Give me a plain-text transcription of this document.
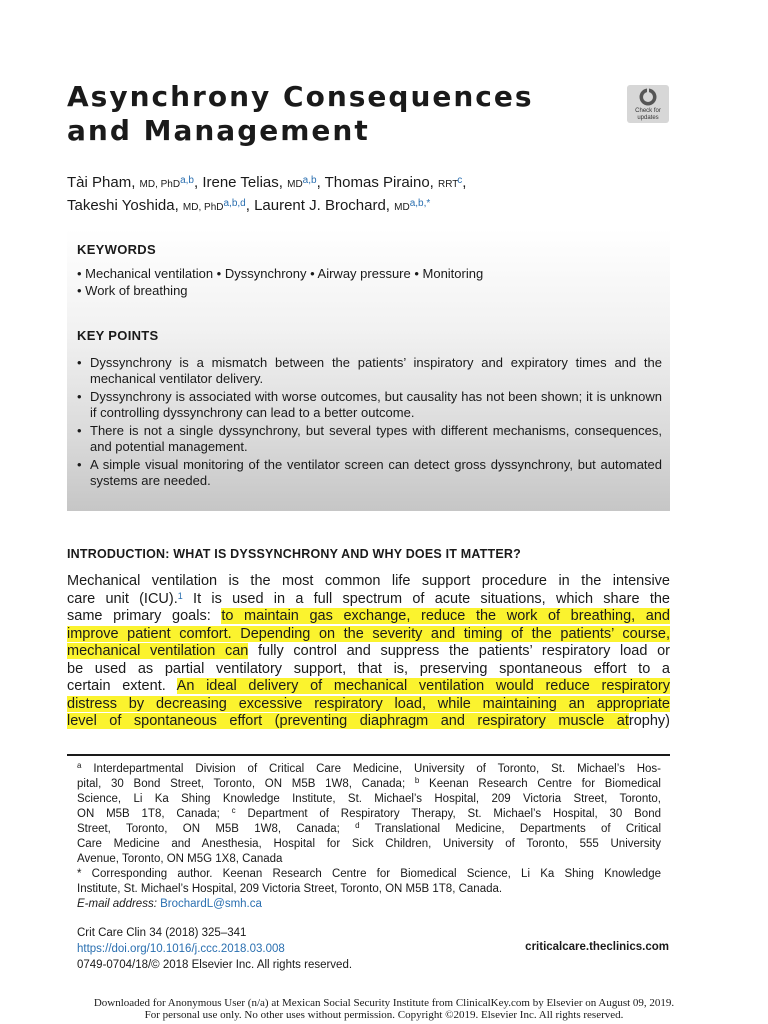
Asynchrony Consequences
and Management
Check for
updates
Tài Pham, MD, PhD$^{a,b}$, Irene Telias, MD$^{a,b}$, Thomas Piraino, RRT$^c$,
Takeshi Yoshida, MD, PhD$^{a,b,d}$, Laurent J. Brochard, $MD^{a,b,*}$
KEYWORDS
• Mechanical ventilation • Dyssynchrony • Airway pressure • Monitoring
• Work of breathing
KEY POINTS
• Dyssynchrony is a mismatch between the patients’ inspiratory and expiratory times and the mechanical ventilator delivery.
• Dyssynchrony is associated with worse outcomes, but causality has not been shown; it is unknown if controlling dyssynchrony can lead to a better outcome.
• There is not a single dyssynchrony, but several types with different mechanisms, consequences, and potential management.
• A simple visual monitoring of the ventilator screen can detect gross dyssynchrony, but automated systems are needed.
INTRODUCTION: WHAT IS DYSSYNCHRONY AND WHY DOES IT MATTER?
Mechanical ventilation is the most common life support procedure in the intensive
care unit (ICU).$^1$ It is used in a full spectrum of acute situations, which share the
same primary goals: to maintain gas exchange, reduce the work of breathing, and
improve patient comfort. Depending on the severity and timing of the patients’ course,
mechanical ventilation can fully control and suppress the patients’ respiratory load or
be used as partial ventilatory support, that is, preserving spontaneous effort to a
certain extent. An ideal delivery of mechanical ventilation would reduce respiratory
distress by decreasing excessive respiratory load, while maintaining an appropriate
level of spontaneous effort (preventing diaphragm and respiratory muscle atrophy)
$^a$ Interdepartmental Division of Critical Care Medicine, University of Toronto, St. Michael’s Hos-
pital, 30 Bond Street, Toronto, ON M5B 1W8, Canada; $^b$ Keenan Research Centre for Biomedical
Science, Li Ka Shing Knowledge Institute, St. Michael’s Hospital, 209 Victoria Street, Toronto,
ON M5B 1T8, Canada; $^c$ Department of Respiratory Therapy, St. Michael’s Hospital, 30 Bond
Street, Toronto, ON M5B 1W8, Canada; $^d$ Translational Medicine, Departments of Critical
Care Medicine and Anesthesia, Hospital for Sick Children, University of Toronto, 555 University
Avenue, Toronto, ON M5G 1X8, Canada
* Corresponding author. Keenan Research Centre for Biomedical Science, Li Ka Shing Knowledge
Institute, St. Michael’s Hospital, 209 Victoria Street, Toronto, ON M5B 1T8, Canada.
E-mail address: BrochardL@smh.ca
Crit Care Clin 34 (2018) 325–341
https://doi.org/10.1016/j.ccc.2018.03.008
0749-0704/18/© 2018 Elsevier Inc. All rights reserved.
criticalcare.theclinics.com
Downloaded for Anonymous User (n/a) at Mexican Social Security Institute from ClinicalKey.com by Elsevier on August 09, 2019.
For personal use only. No other uses without permission. Copyright ©2019. Elsevier Inc. All rights reserved.
